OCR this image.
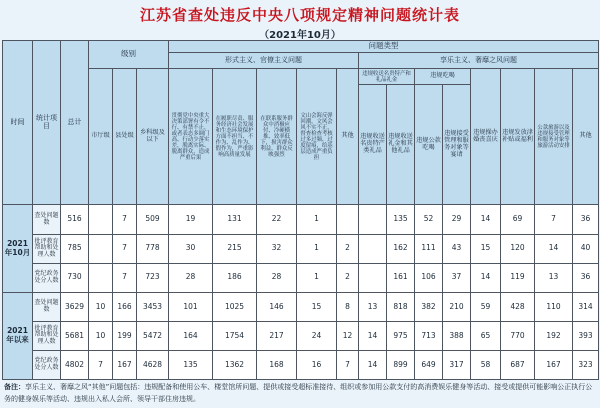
江苏省查处违反中央八项规定精神问题统计表
（2021年10月）
时间	统计项目	总计	级别			问题类型												
						形式主义、官僚主义问题					享乐主义、奢靡之风问题							
			市厅级	县处级	乡科级及以下	贯彻党中央重大决策部署有令不行、有禁不止，或者表态多调门高、行动少落实差，脱离实际、脱离群众，造成严重后果	在履职尽责、服务经济社会发展和生态环境保护方面不担当、不作为、乱作为、假作为，严重影响高质量发展	在联系服务群众中消极应付、冷硬横推、效率低下，损害群众利益，群众反映强烈	文山会海反弹回潮，文风会风不实不正，督查检查考核过多过频、过度留痕，给基层造成严重负担	其他	违规收送名贵特产和礼品礼金		违规吃喝		违规操办婚丧喜庆	违规发放津补贴或福利	公款旅游以及违规接受管理和服务对象等旅游活动安排	其他
											违规收送名贵特产类礼品	违规收送礼金和其他礼品	违规公款吃喝	违规接受管理和服务对象等宴请				
2021年10月	查处问题数	516		7	509	19	131	22	1			135	52	29	14	69	7	36
	批评教育帮助和处理人数	785		7	778	30	215	32	1	2		162	111	43	15	120	14	40
	党纪政务处分人数	730		7	723	28	186	28	1	2		161	106	37	14	119	13	36
2021年以来	查处问题数	3629	10	166	3453	101	1025	146	15	8	13	818	382	210	59	428	110	314
	批评教育帮助和处理人数	5681	10	199	5472	164	1754	217	24	12	14	975	713	388	65	770	192	393
	党纪政务处分人数	4802	7	167	4628	135	1362	168	16	7	14	899	649	317	58	687	167	323
备注：享乐主义、奢靡之风“其他”问题包括：违规配备和使用公车、楼堂馆所问题、提供或接受超标准接待、组织或参加用公款支付的高消费娱乐健身等活动、接受或提供可能影响公正执行公务的健身娱乐等活动、违规出入私人会所、领导干部住房违规。
